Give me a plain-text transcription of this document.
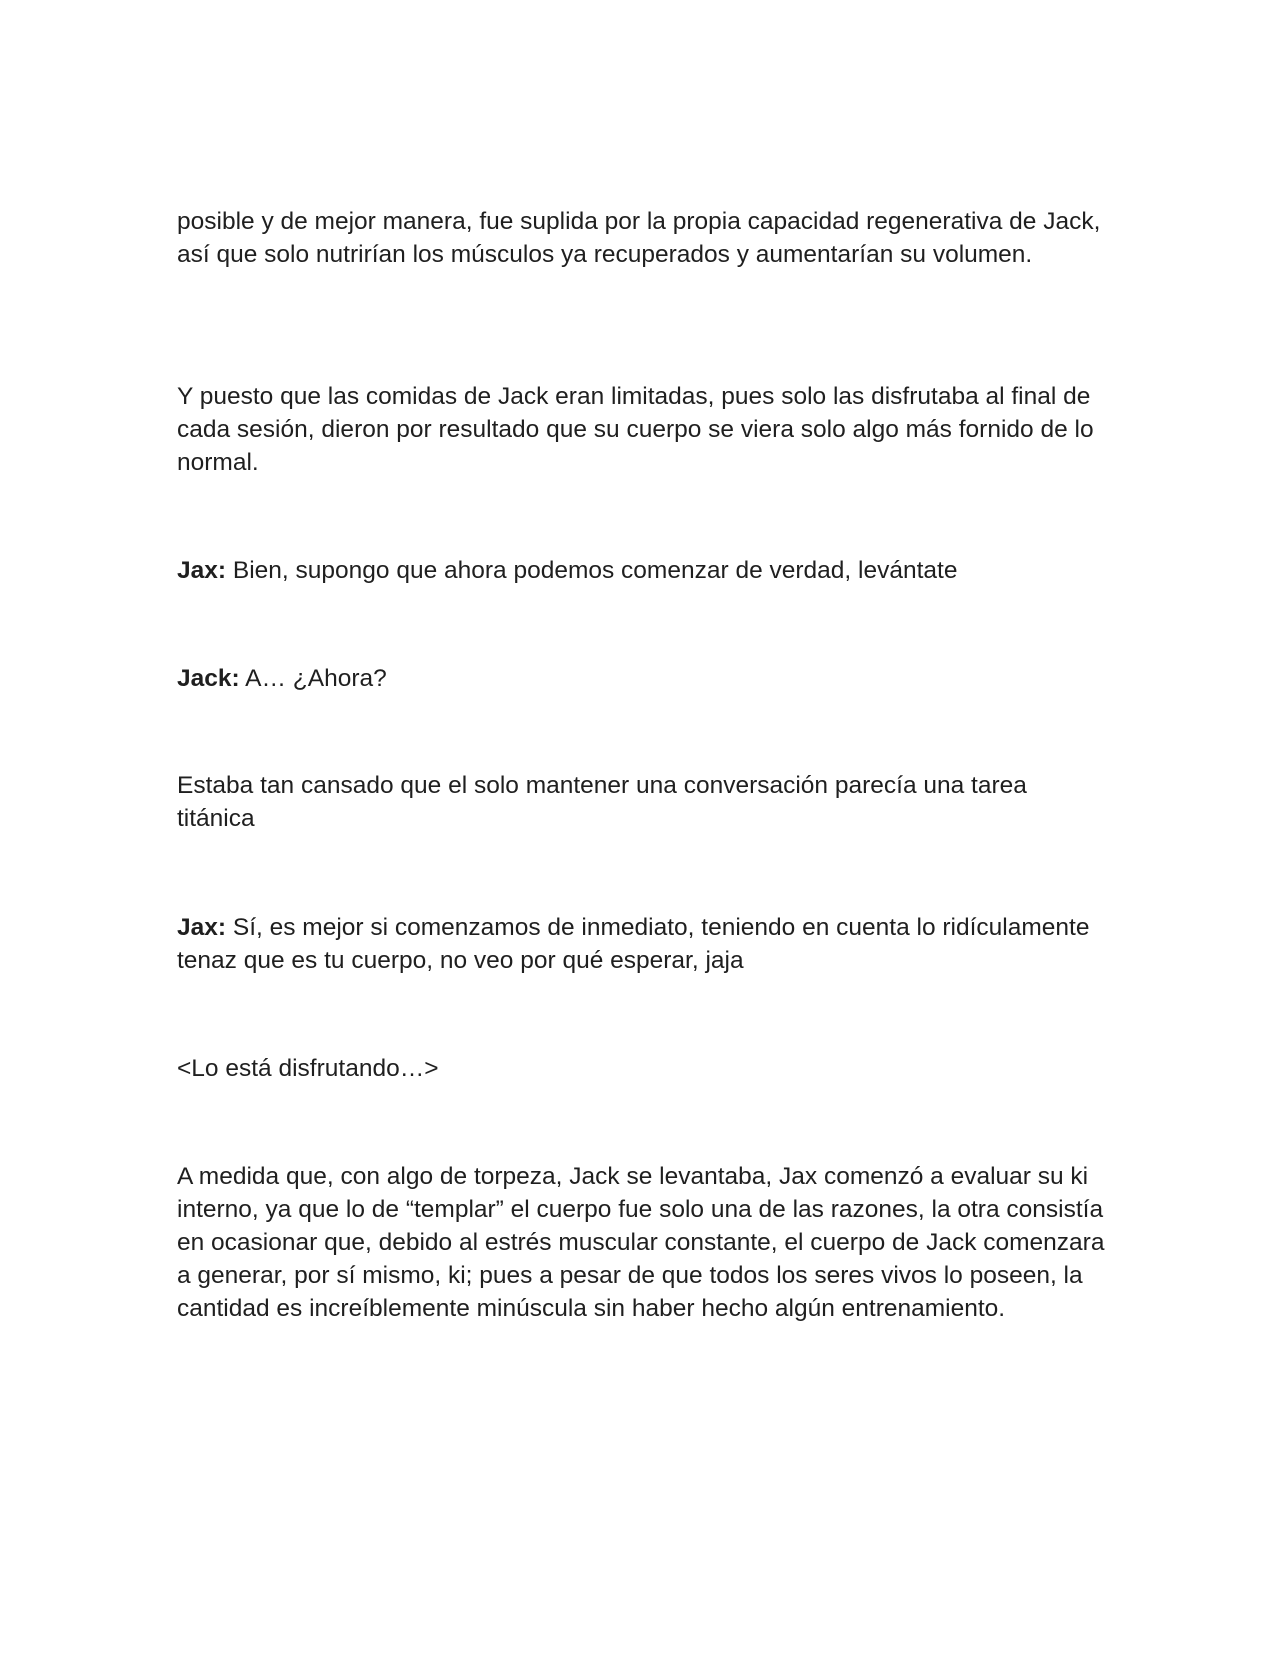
posible y de mejor manera, fue suplida por la propia capacidad regenerativa de Jack, así que solo nutrirían los músculos ya recuperados y aumentarían su volumen.

Y puesto que las comidas de Jack eran limitadas, pues solo las disfrutaba al final de cada sesión, dieron por resultado que su cuerpo se viera solo algo más fornido de lo normal.

Jax: Bien, supongo que ahora podemos comenzar de verdad, levántate

Jack: A… ¿Ahora?

Estaba tan cansado que el solo mantener una conversación parecía una tarea titánica

Jax: Sí, es mejor si comenzamos de inmediato, teniendo en cuenta lo ridículamente tenaz que es tu cuerpo, no veo por qué esperar, jaja

<Lo está disfrutando…>

A medida que, con algo de torpeza, Jack se levantaba, Jax comenzó a evaluar su ki interno, ya que lo de “templar” el cuerpo fue solo una de las razones, la otra consistía en ocasionar que, debido al estrés muscular constante, el cuerpo de Jack comenzara a generar, por sí mismo, ki; pues a pesar de que todos los seres vivos lo poseen, la cantidad es increíblemente minúscula sin haber hecho algún entrenamiento.
